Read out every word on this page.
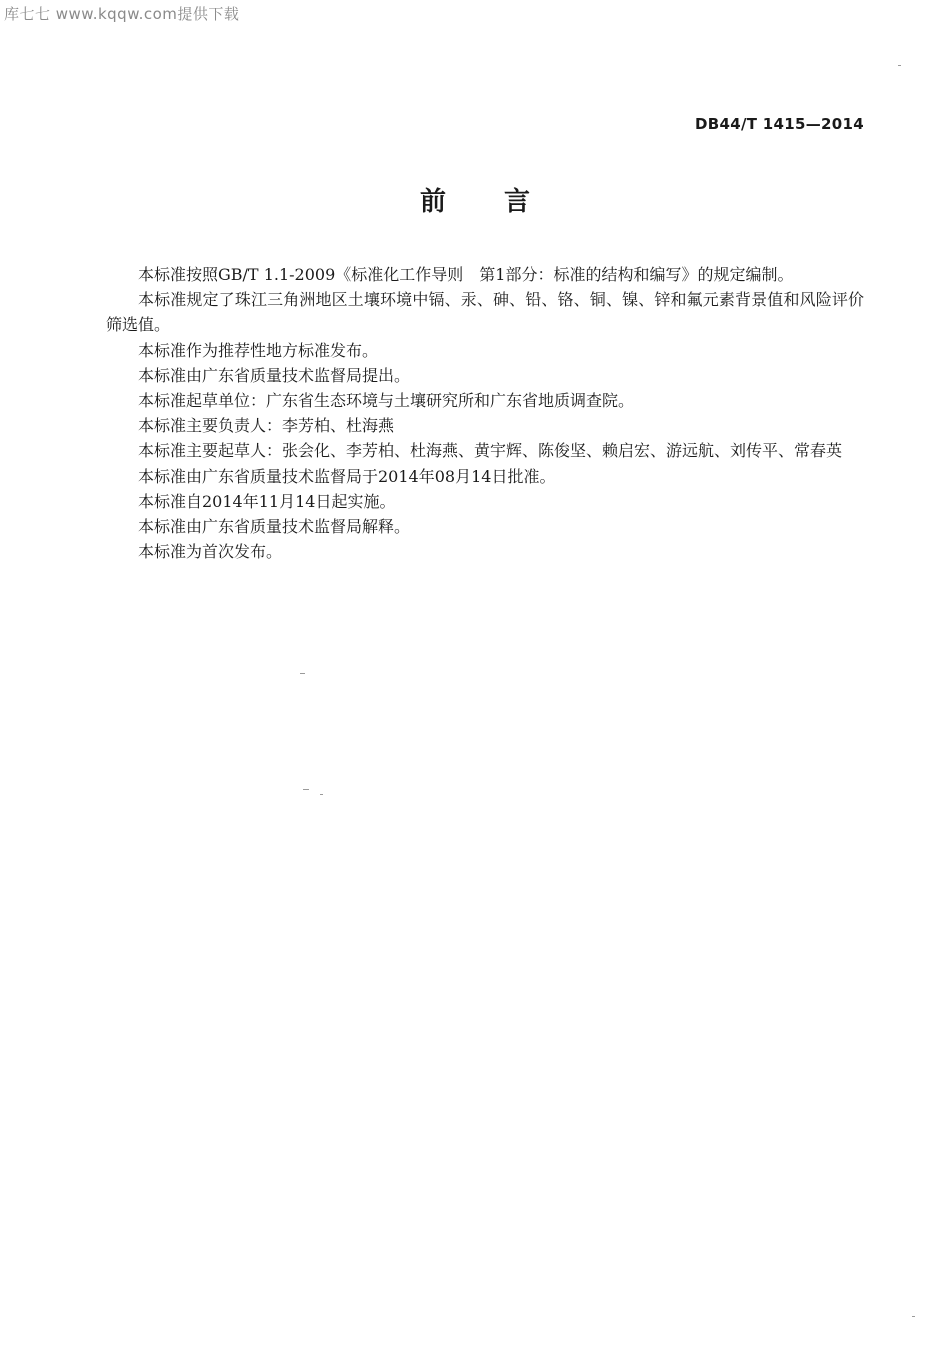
库七七 www.kqqw.com提供下载
DB44/T 1415—2014
前言

本标准按照GB/T 1.1-2009《标准化工作导则　第1部分：标准的结构和编写》的规定编制。

本标准规定了珠江三角洲地区土壤环境中镉、汞、砷、铅、铬、铜、镍、锌和氟元素背景值和风险评价筛选值。

本标准作为推荐性地方标准发布。

本标准由广东省质量技术监督局提出。

本标准起草单位：广东省生态环境与土壤研究所和广东省地质调查院。

本标准主要负责人：李芳柏、杜海燕

本标准主要起草人：张会化、李芳柏、杜海燕、黄宇辉、陈俊坚、赖启宏、游远航、刘传平、常春英

本标准由广东省质量技术监督局于2014年08月14日批准。

本标准自2014年11月14日起实施。

本标准由广东省质量技术监督局解释。

本标准为首次发布。
